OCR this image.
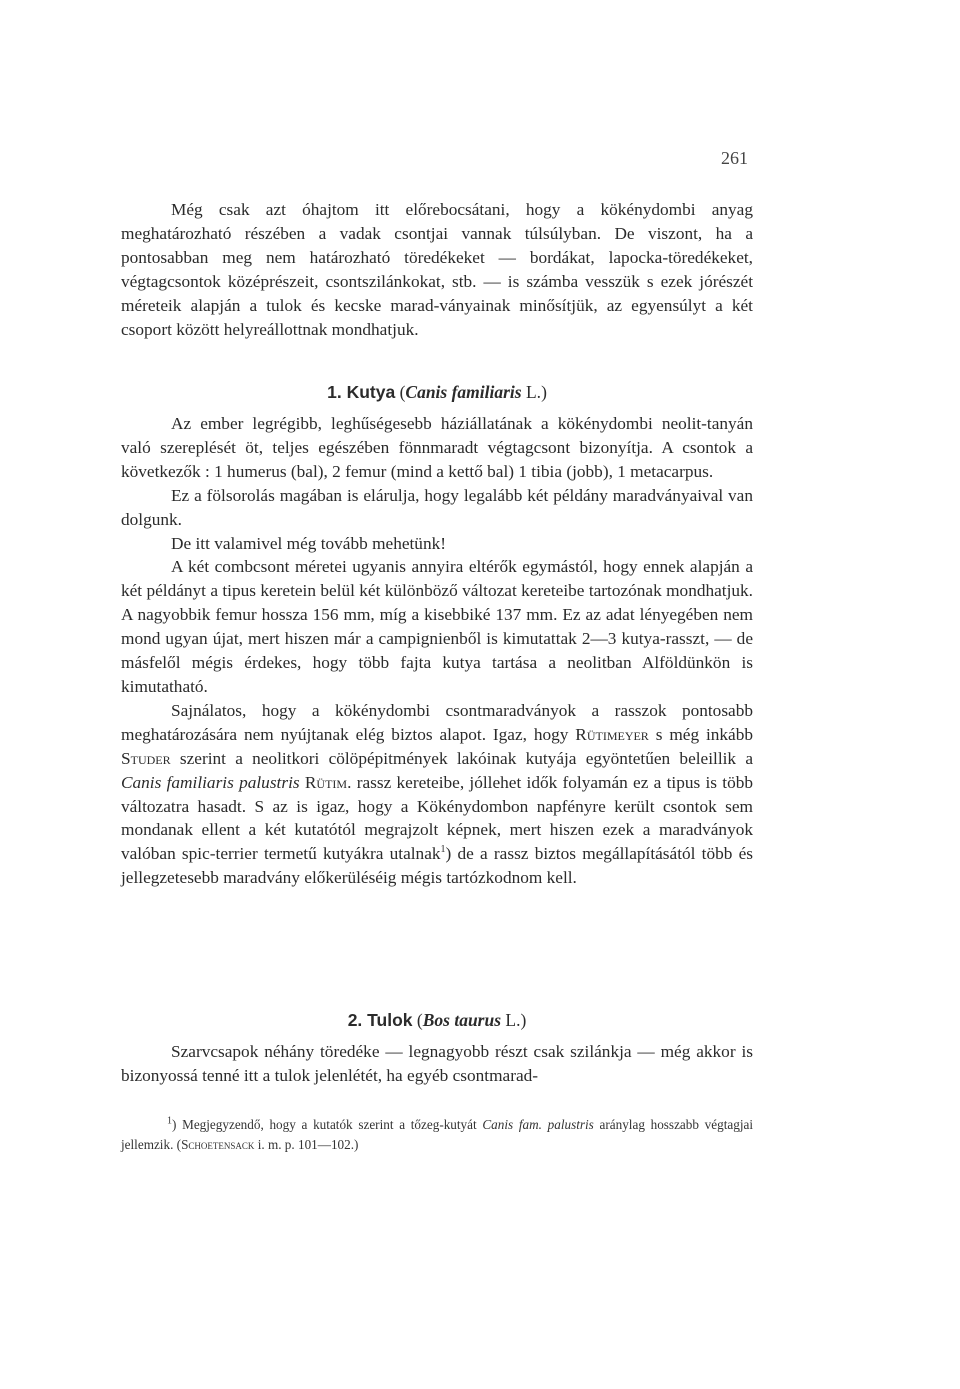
261

Még csak azt óhajtom itt előrebocsátani, hogy a kökénydombi anyag meghatározható részében a vadak csontjai vannak túlsúlyban. De viszont, ha a pontosabban meg nem határozható töredékeket — bordákat, lapocka-töredékeket, végtagcsontok középrészeit, csontszilánkokat, stb. — is számba vesszük s ezek jórészét méreteik alapján a tulok és kecske marad-ványainak minősítjük, az egyensúlyt a két csoport között helyreállottnak mondhatjuk.

1. Kutya (Canis familiaris L.)

Az ember legrégibb, leghűségesebb háziállatának a kökénydombi neolit-tanyán való szereplését öt, teljes egészében fönnmaradt végtagcsont bizonyítja. A csontok a következők : 1 humerus (bal), 2 femur (mind a kettő bal) 1 tibia (jobb), 1 metacarpus.

Ez a fölsorolás magában is elárulja, hogy legalább két példány maradványaival van dolgunk.

De itt valamivel még tovább mehetünk!

A két combcsont méretei ugyanis annyira eltérők egymástól, hogy ennek alapján a két példányt a tipus keretein belül két különböző változat kereteibe tartozónak mondhatjuk. A nagyobbik femur hossza 156 mm, míg a kisebbiké 137 mm. Ez az adat lényegében nem mond ugyan újat, mert hiszen már a campignienből is kimutattak 2—3 kutya-rasszt, — de másfelől mégis érdekes, hogy több fajta kutya tartása a neolitban Alföldünkön is kimutatható.

Sajnálatos, hogy a kökénydombi csontmaradványok a rasszok pontosabb meghatározására nem nyújtanak elég biztos alapot. Igaz, hogy Rütimeyer s még inkább Studer szerint a neolitkori cölöpépitmények lakóinak kutyája egyöntetűen beleillik a Canis familiaris palustris Rütim. rassz kereteibe, jóllehet idők folyamán ez a tipus is több változatra hasadt. S az is igaz, hogy a Kökénydombon napfényre került csontok sem mondanak ellent a két kutatótól megrajzolt képnek, mert hiszen ezek a maradványok valóban spic-terrier termetű kutyákra utalnak$^1$) de a rassz biztos megállapításától több és jellegzetesebb maradvány előkerüléséig mégis tartózkodnom kell.

2. Tulok (Bos taurus L.)

Szarvcsapok néhány töredéke — legnagyobb részt csak szilánkja — még akkor is bizonyossá tenné itt a tulok jelenlétét, ha egyéb csontmarad-

$^1$) Megjegyzendő, hogy a kutatók szerint a tőzeg-kutyát Canis fam. palustris aránylag hosszabb végtagjai jellemzik. (Schoetensack i. m. p. 101—102.)
